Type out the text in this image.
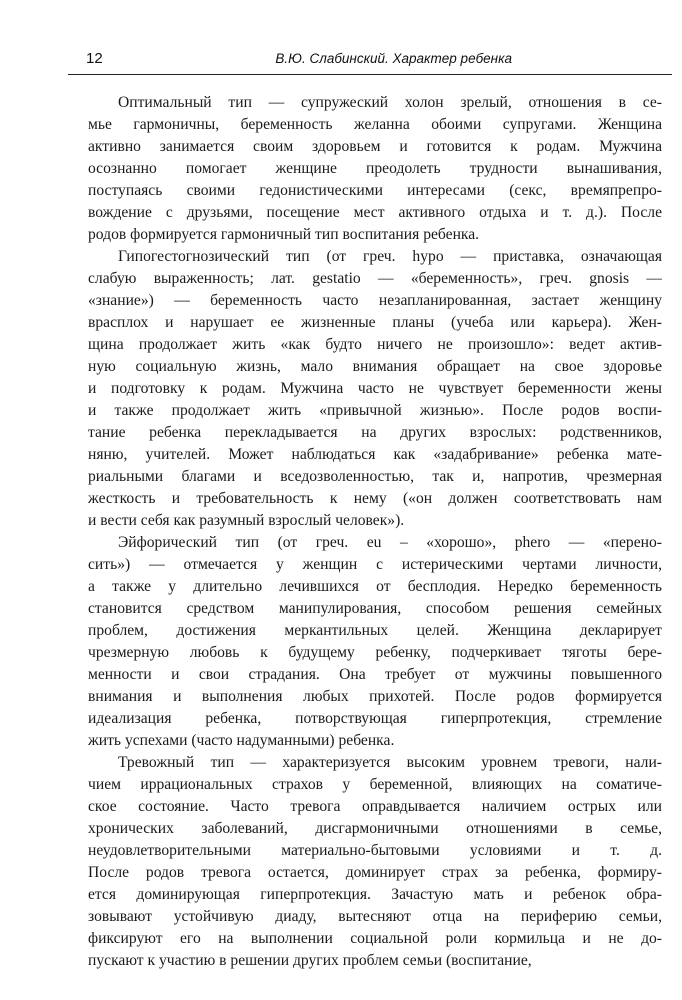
12	В.Ю. Слабинский. Характер ребенка
Оптимальный тип — супружеский холон зрелый, отношения в се-
мье гармоничны, беременность желанна обоими супругами. Женщина
активно занимается своим здоровьем и готовится к родам. Мужчина
осознанно помогает женщине преодолеть трудности вынашивания,
поступаясь своими гедонистическими интересами (секс, времяпрепро-
вождение с друзьями, посещение мест активного отдыха и т. д.). После
родов формируется гармоничный тип воспитания ребенка.
Гипогестогнозический тип (от греч. hypo — приставка, означающая
слабую выраженность; лат. gestatio — «беременность», греч. gnosis —
«знание») — беременность часто незапланированная, застает женщину
врасплох и нарушает ее жизненные планы (учеба или карьера). Жен-
щина продолжает жить «как будто ничего не произошло»: ведет актив-
ную социальную жизнь, мало внимания обращает на свое здоровье
и подготовку к родам. Мужчина часто не чувствует беременности жены
и также продолжает жить «привычной жизнью». После родов воспи-
тание ребенка перекладывается на других взрослых: родственников,
няню, учителей. Может наблюдаться как «задабривание» ребенка мате-
риальными благами и вседозволенностью, так и, напротив, чрезмерная
жесткость и требовательность к нему («он должен соответствовать нам
и вести себя как разумный взрослый человек»).
Эйфорический тип (от греч. eu – «хорошо», phero — «перено-
сить») — отмечается у женщин с истерическими чертами личности,
а также у длительно лечившихся от бесплодия. Нередко беременность
становится средством манипулирования, способом решения семейных
проблем, достижения меркантильных целей. Женщина декларирует
чрезмерную любовь к будущему ребенку, подчеркивает тяготы бере-
менности и свои страдания. Она требует от мужчины повышенного
внимания и выполнения любых прихотей. После родов формируется
идеализация ребенка, потворствующая гиперпротекция, стремление
жить успехами (часто надуманными) ребенка.
Тревожный тип — характеризуется высоким уровнем тревоги, нали-
чием иррациональных страхов у беременной, влияющих на соматиче-
ское состояние. Часто тревога оправдывается наличием острых или
хронических заболеваний, дисгармоничными отношениями в семье,
неудовлетворительными материально-бытовыми условиями и т. д.
После родов тревога остается, доминирует страх за ребенка, формиру-
ется доминирующая гиперпротекция. Зачастую мать и ребенок обра-
зовывают устойчивую диаду, вытесняют отца на периферию семьи,
фиксируют его на выполнении социальной роли кормильца и не до-
пускают к участию в решении других проблем семьи (воспитание,
